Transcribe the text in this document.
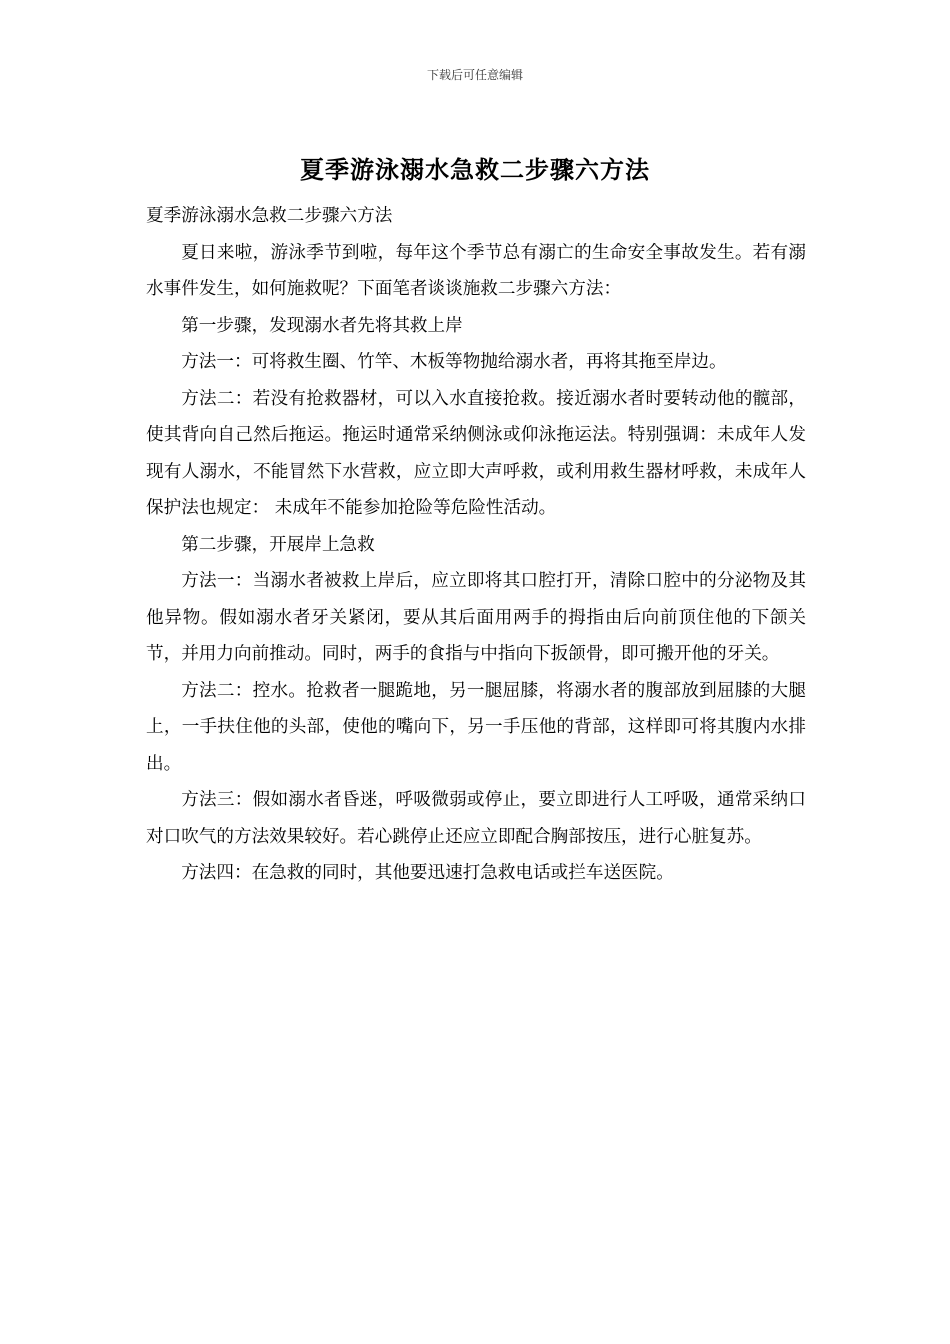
下载后可任意编辑
夏季游泳溺水急救二步骤六方法

夏季游泳溺水急救二步骤六方法

夏日来啦，游泳季节到啦，每年这个季节总有溺亡的生命安全事故发生。若有溺水事件发生，如何施救呢？下面笔者谈谈施救二步骤六方法：

第一步骤，发现溺水者先将其救上岸

方法一：可将救生圈、竹竿、木板等物抛给溺水者，再将其拖至岸边。

方法二：若没有抢救器材，可以入水直接抢救。接近溺水者时要转动他的髋部，使其背向自己然后拖运。拖运时通常采纳侧泳或仰泳拖运法。特别强调：未成年人发现有人溺水，不能冒然下水营救，应立即大声呼救，或利用救生器材呼救，未成年人保护法也规定： 未成年不能参加抢险等危险性活动。

第二步骤，开展岸上急救

方法一：当溺水者被救上岸后，应立即将其口腔打开，清除口腔中的分泌物及其他异物。假如溺水者牙关紧闭，要从其后面用两手的拇指由后向前顶住他的下颌关节，并用力向前推动。同时，两手的食指与中指向下扳颌骨，即可搬开他的牙关。

方法二：控水。抢救者一腿跪地，另一腿屈膝，将溺水者的腹部放到屈膝的大腿上，一手扶住他的头部，使他的嘴向下，另一手压他的背部，这样即可将其腹内水排出。

方法三：假如溺水者昏迷，呼吸微弱或停止，要立即进行人工呼吸，通常采纳口对口吹气的方法效果较好。若心跳停止还应立即配合胸部按压，进行心脏复苏。

方法四：在急救的同时，其他要迅速打急救电话或拦车送医院。
